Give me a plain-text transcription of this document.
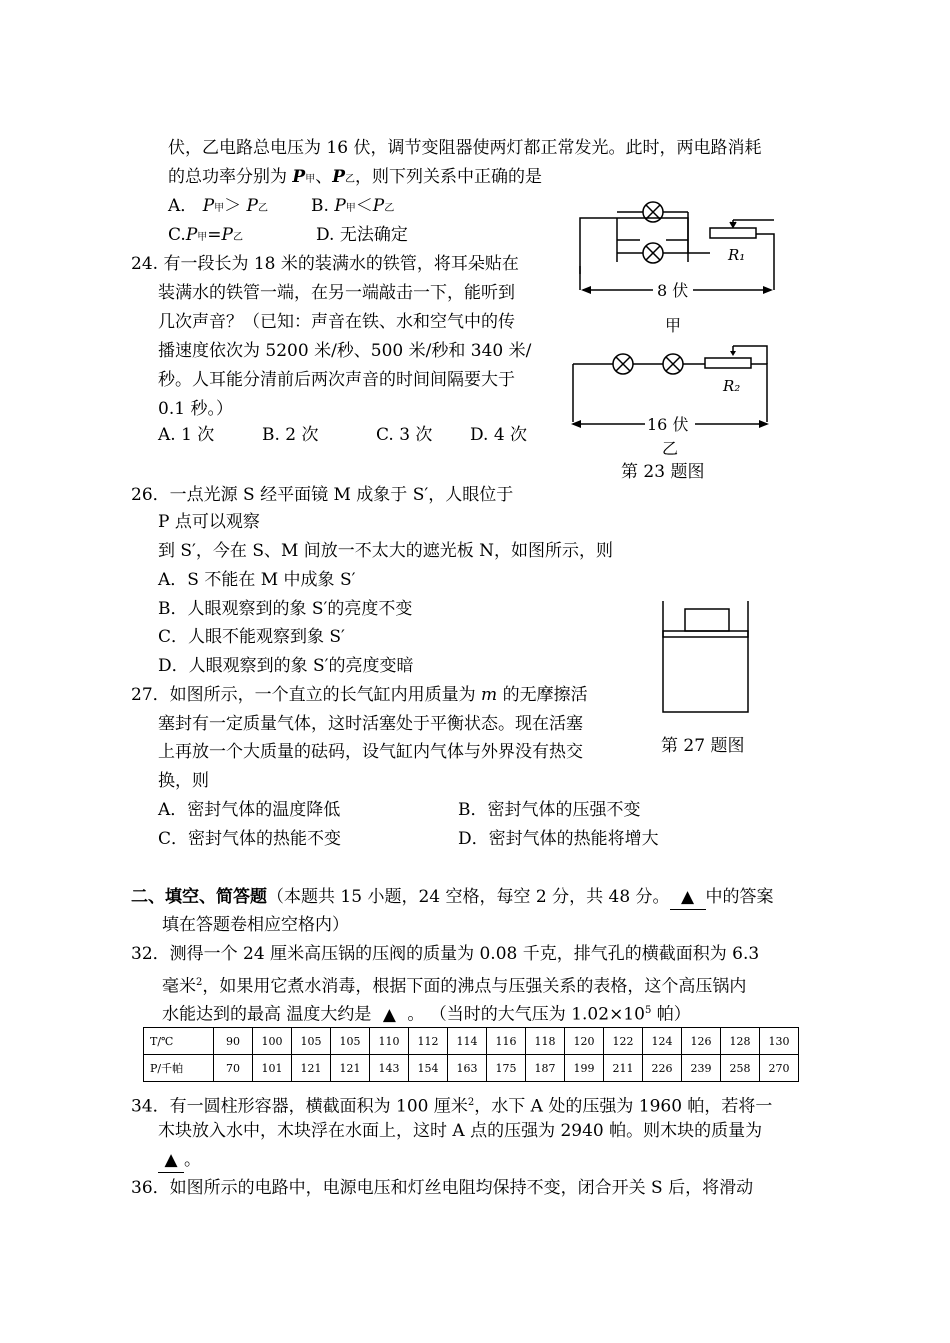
伏，乙电路总电压为 16 伏，调节变阻器使两灯都正常发光。此时，两电路消耗
的总功率分别为 P甲、P乙，则下列关系中正确的是
A． P甲＞ P乙	B. P甲＜P乙
C.P甲=P乙	D. 无法确定
R₁
8 伏
甲
R₂
16 伏
乙
第 23 题图
24. 有一段长为 18 米的装满水的铁管，将耳朵贴在
装满水的铁管一端，在另一端敲击一下，能听到
几次声音？（已知：声音在铁、水和空气中的传
播速度依次为 5200 米/秒、500 米/秒和 340 米/
秒。人耳能分清前后两次声音的时间间隔要大于
0.1 秒。）
A. 1 次	B. 2 次	C. 3 次 D. 4 次
26．一点光源 S 经平面镜 M 成象于 S′，人眼位于
P 点可以观察
到 S′，今在 S、M 间放一不太大的遮光板 N，如图所示，则
A．S 不能在 M 中成象 S′
B．人眼观察到的象 S′的亮度不变
C．人眼不能观察到象 S′
D．人眼观察到的象 S′的亮度变暗
第 27 题图
27．如图所示，一个直立的长气缸内用质量为 m 的无摩擦活
塞封有一定质量气体，这时活塞处于平衡状态。现在活塞
上再放一个大质量的砝码，设气缸内气体与外界没有热交
换，则
A．密封气体的温度降低	B．密封气体的压强不变
C．密封气体的热能不变	D．密封气体的热能将增大
二、填空、简答题（本题共 15 小题，24 空格，每空 2 分，共 48 分。 ▲ 中的答案
填在答题卷相应空格内）
32．测得一个 24 厘米高压锅的压阀的质量为 0.08 千克，排气孔的横截面积为 6.3
毫米$^2$，如果用它煮水消毒，根据下面的沸点与压强关系的表格，这个高压锅内
水能达到的最高 温度大约是 ▲ 。 （当时的大气压为 $1.02\times 10^5$ 帕）
T/℃	90	100	105	105	110	112	114	116	118	120	122	124	126	128	130
P/千帕	70	101	121	121	143	154	163	175	187	199	211	226	239	258	270
34．有一圆柱形容器，横截面积为 100 厘米$^2$，水下 A 处的压强为 1960 帕，若将一
木块放入水中，木块浮在水面上，这时 A 点的压强为 2940 帕。则木块的质量为
▲ 。
36．如图所示的电路中，电源电压和灯丝电阻均保持不变，闭合开关 S 后，将滑动
